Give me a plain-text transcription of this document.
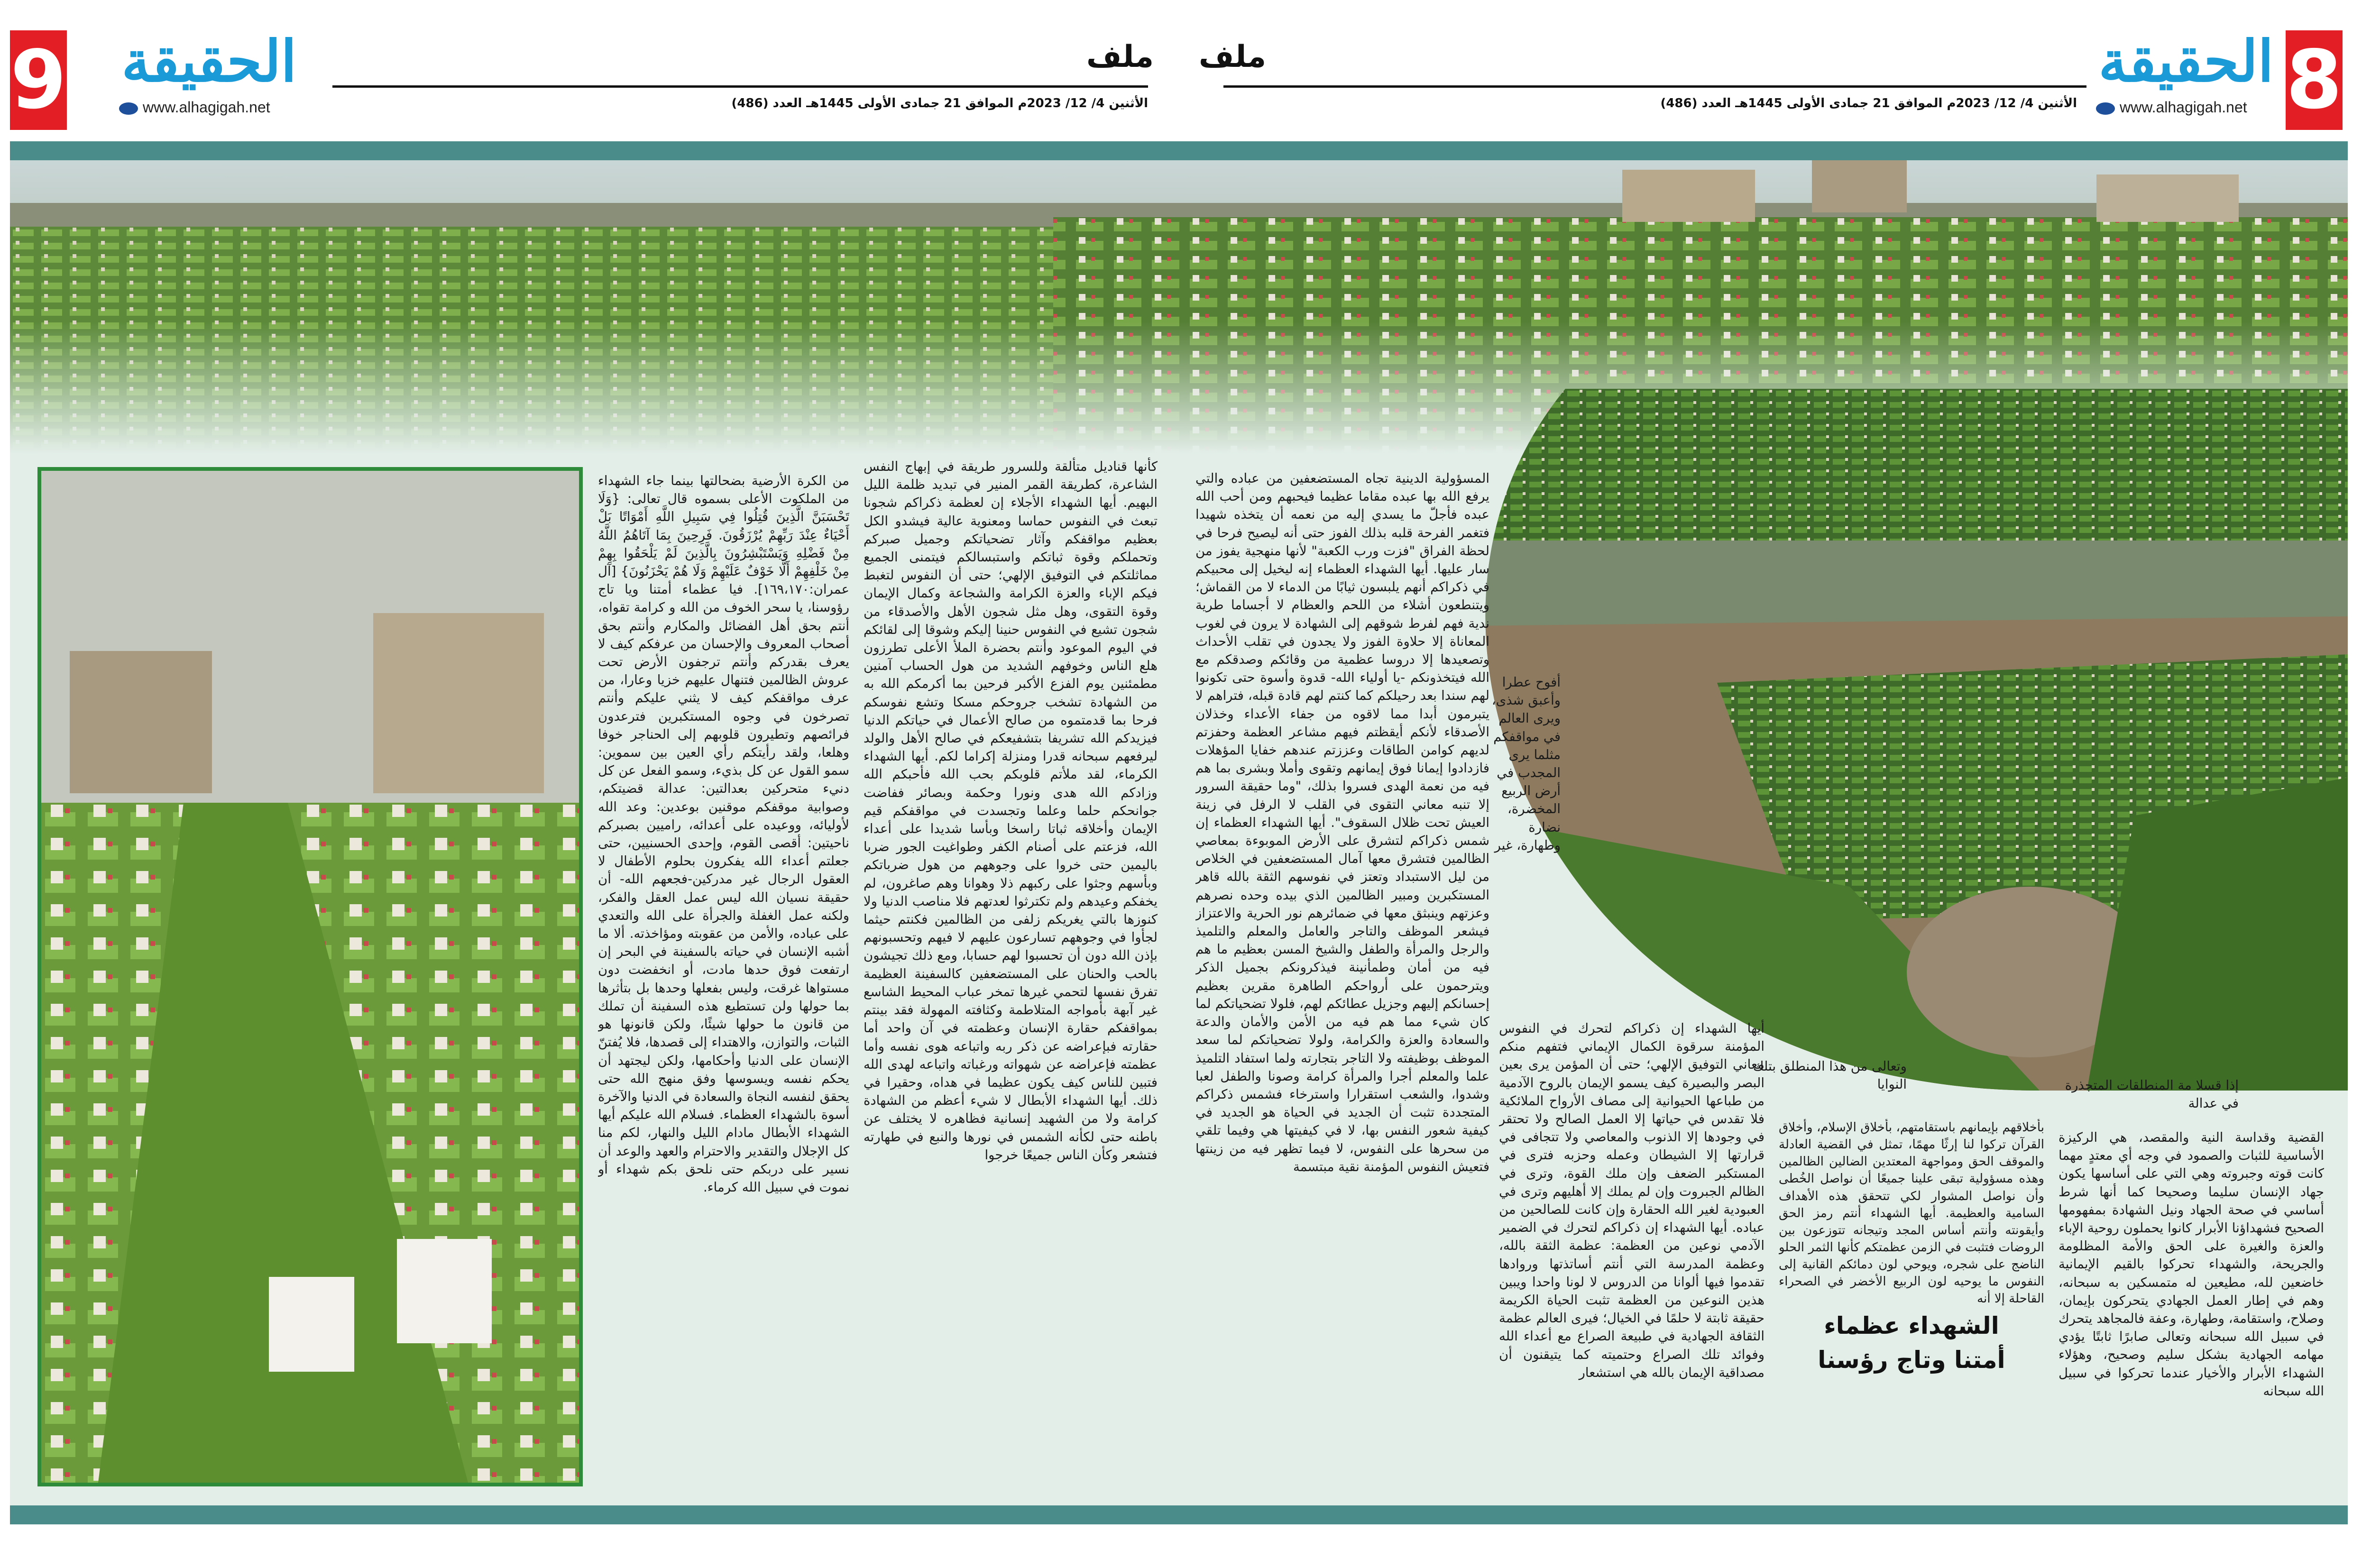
8
الحقيقة
www.alhagigah.net
ملف
الأثنين 4/ 12/ 2023م الموافق 21 جمادى الأولى 1445هـ العدد (486)
9 الحقيقة
www.alhagigah.net
ملف
الأثنين 4/ 12/ 2023م الموافق 21 جمادى الأولى 1445هـ العدد (486)

المسؤولية الدينية تجاه المستضعفين من عباده والتي يرفع الله بها عبده مقاما عظيما فيحبهم ومن أحب الله عبده فأجلّ ما يسدي إليه من نعمه أن يتخذه شهيدا فتغمر الفرحة قلبه بذلك الفوز حتى أنه ليصيح فرحا في لحظة الفراق "فزت ورب الكعبة" لأنها منهجية يفوز من سار عليها. أيها الشهداء العظماء إنه ليخيل إلى محبيكم في ذكراكم أنهم يلبسون ثيابًا من الدماء لا من القماش؛ ويتنطعون أشلاء من اللحم والعظام لا أجساما طرية ندية فهم لفرط شوقهم إلى الشهادة لا يرون في لغوب المعاناة إلا حلاوة الفوز ولا يجدون في تقلب الأحداث وتصعيدها إلا دروسا عظمية من وقائكم وصدقكم مع الله فيتخذونكم -يا أولياء الله- قدوة وأسوة حتى تكونوا لهم سندا بعد رحيلكم كما كنتم لهم قادة قبله، فتراهم لا يتبرمون أبدا مما لاقوه من جفاء الأعداء وخذلان الأصدقاء لأنكم أيقظتم فيهم مشاعر العظمة وحفزتم لديهم كوامن الطاقات وعززتم عندهم خفايا المؤهلات فازدادوا إيمانا فوق إيمانهم وتقوى وأملا وبشرى بما هم فيه من نعمة الهدى فسروا بذلك، "وما حقيقة السرور إلا تنبه معاني التقوى في القلب لا الرفل في زينة العيش تحت ظلال السقوف". أيها الشهداء العظماء إن شمس ذكراكم لتشرق على الأرض الموبوءة بمعاصي الظالمين فتشرق معها آمال المستضعفين في الخلاص من ليل الاستبداد وتعتز في نفوسهم الثقة بالله قاهر المستكبرين ومبير الظالمين الذي بيده وحده نصرهم وعزتهم وينبثق معها في ضمائرهم نور الحرية والاعتزاز فيشعر الموظف والتاجر والعامل والمعلم والتلميذ والرجل والمرأة والطفل والشيخ المسن بعظيم ما هم فيه من أمان وطمأنينة فيذكرونكم بجميل الذكر ويترحمون على أرواحكم الطاهرة مقرين بعظيم إحسانكم إليهم وجزيل عطائكم لهم، فلولا تضحياتكم لما كان شيء مما هم فيه من الأمن والأمان والدعة والسعادة والعزة والكرامة، ولولا تضحياتكم لما سعد الموظف بوظيفته ولا التاجر بتجارته ولما استفاد التلميذ علما والمعلم أجرا والمرأة كرامة وصونا والطفل لعبا وشدوا، والشعب استقرارا واسترخاء فشمس ذكراكم المتجددة تثبت أن الجديد في الحياة هو الجديد في كيفية شعور النفس بها، لا في كيفيتها هي وفيما تلقي من سحرها على النفوس، لا فيما تظهر فيه من زينتها فتعيش النفوس المؤمنة نقية مبتسمة

أفوح عطرا وأعبق شذى، ويرى العالم في مواقفكم مثلما يرى المجدب في أرض الربيع المخضرة، نضارة وطهارة، غير

أيها الشهداء إن ذكراكم لتحرك في النفوس المؤمنة سرقوة الكمال الإيماني فتفهم منكم معاني التوفيق الإلهي؛ حتى أن المؤمن يرى بعين البصر والبصيرة كيف يسمو الإيمان بالروح الآدمية من طباعها الحيوانية إلى مصاف الأرواح الملائكية فلا تقدس في حياتها إلا العمل الصالح ولا تحتقر في وجودها إلا الذنوب والمعاصي ولا تتجافى في قرارتها إلا الشيطان وعمله وحزبه فترى في المستكبر الضعف وإن ملك القوة، وترى في الظالم الجبروت وإن لم يملك إلا أهليهم وترى في العبودية لغير الله الحقارة وإن كانت للصالحين من عباده. أيها الشهداء إن ذكراكم لتحرك في الضمير الآدمي نوعين من العظمة: عظمة الثقة بالله، وعظمة المدرسة التي أنتم أساتذتها وروادها تقدموا فيها ألوانا من الدروس لا لونا واحدا ويبين هذين النوعين من العظمة تثبت الحياة الكريمة حقيقة ثابتة لا حلمًا في الخيال؛ فيرى العالم عظمة الثقافة الجهادية في طبيعة الصراع مع أعداء الله وفوائد تلك الصراع وحتميته كما يتيقنون أن مصداقية الإيمان بالله هي استشعار

وتعالى من هذا المنطلق بتلك النوايا

بأخلاقهم بإيمانهم باستقامتهم، بأخلاق الإسلام، وأخلاق القرآن تركوا لنا إرثًا مهمًا، تمثل في القضية العادلة والموقف الحق ومواجهة المعتدين الضالين الظالمين وهذه مسؤولية تبقى علينا جميعًا أن نواصل الخُطى وأن نواصل المشوار لكي تتحقق هذه الأهداف السامية والعظيمة. أيها الشهداء أنتم رمز الحق وأيقونته وأنتم أساس المجد وتيجانه تتوزعون بين الروضات فتثبت في الزمن عظمتكم كأنها الثمر الحلو الناضج على شجره، ويوحي لون دمائكم القانية إلى النفوس ما يوحيه لون الربيع الأخضر في الصحراء القاحلة إلا أنه

الشهداء عظماء
أمتنا وتاج رؤسنا

إذا قسلا مة المنطلقات المتجذرة في عدالة

القضية وقداسة النية والمقصد، هي الركيزة الأساسية للثبات والصمود في وجه أي معتدٍ مهما كانت قوته وجبروته وهي التي على أساسها يكون جهاد الإنسان سليما وصحيحا كما أنها شرط أساسي في صحة الجهاد ونيل الشهادة بمفهومها الصحيح فشهداؤنا الأبرار كانوا يحملون روحية الإباء والعزة والغيرة على الحق والأمة المظلومة والجريحة، والشهداء تحركوا بالقيم الإيمانية خاضعين لله، مطيعين له متمسكين به سبحانه، وهم في إطار العمل الجهادي يتحركون بإيمان، وصلاح، واستقامة، وطهارة، وعفة فالمجاهد يتحرك في سبيل الله سبحانه وتعالى صابرًا ثابتًا يؤدي مهامه الجهادية بشكل سليم وصحيح، وهؤلاء الشهداء الأبرار والأخيار عندما تحركوا في سبيل الله سبحانه

كأنها قناديل متألقة وللسرور طريقة في إبهاج النفس الشاعرة، كطريقة القمر المنير في تبديد ظلمة الليل البهيم. أيها الشهداء الأجلاء إن لعظمة ذكراكم شجونا تبعث في النفوس حماسا ومعنوية عالية فيشدو الكل بعظيم مواقفكم وآثار تضحياتكم وجميل صبركم وتحملكم وقوة ثباتكم واستبسالكم فيتمنى الجميع مماثلتكم في التوفيق الإلهي؛ حتى أن النفوس لتغبط فيكم الإباء والعزة الكرامة والشجاعة وكمال الإيمان وقوة التقوى، وهل مثل شجون الأهل والأصدقاء من شجون تشيع في النفوس حنينا إليكم وشوقا إلى لقائكم في اليوم الموعود وأنتم بحضرة الملأ الأعلى تطرزون هلع الناس وخوفهم الشديد من هول الحساب آمنين مطمئنين يوم الفزع الأكبر فرحين بما أكرمكم الله به من الشهادة تشخب جروحكم مسكا وتشع نفوسكم فرحا بما قدمتموه من صالح الأعمال في حياتكم الدنيا فيزيدكم الله تشريفا بتشفيعكم في صالح الأهل والولد ليرفعهم سبحانه قدرا ومنزلة إكراما لكم. أيها الشهداء الكرماء، لقد ملأتم قلوبكم بحب الله فأحبكم الله وزادكم الله هدى ونورا وحكمة وبصائر ففاضت جوانحكم حلما وعلما وتجسدت في مواقفكم قيم الإيمان وأخلاقه ثباتا راسخا وبأسا شديدا على أعداء الله، فزعتم على أصنام الكفر وطواغيت الجور ضربا باليمين حتى خروا على وجوههم من هول ضرباتكم وبأسهم وجثوا على ركبهم ذلا وهوانا وهم صاغرون، لم يخفكم وعيدهم ولم تكترثوا لعدتهم فلا مناصب الدنيا ولا كنوزها بالتي يغريكم زلفى من الظالمين فكنتم حيثما لجأوا في وجوههم تسارعون عليهم لا فيهم وتحسبونهم بإذن الله دون أن تحسبوا لهم حسابا، ومع ذلك تجيشون بالحب والحنان على المستضعفين كالسفينة العظيمة تفرق نفسها لتحمي غيرها تمخر عباب المحيط الشاسع غير آبهة بأمواجه المتلاطمة وكثافته المهولة فقد بينتم بمواقفكم حقارة الإنسان وعظمته في آن واحد أما حقارته فبإعراضه عن ذكر ربه واتباعه هوى نفسه وأما عظمته فإعراضه عن شهواته ورغباته واتباعه لهدى الله فتبين للناس كيف يكون عظيما في هداه، وحقيرا في ذلك. أيها الشهداء الأبطال لا شيء أعظم من الشهادة كرامة ولا من الشهيد إنسانية فظاهره لا يختلف عن باطنه حتى لكأنه الشمس في نورها والنبع في طهارته فتشعر وكأن الناس جميعًا خرجوا

من الكرة الأرضية بضحالتها بينما جاء الشهداء من الملكوت الأعلى بسموه قال تعالى: {وَلَا تَحْسَبَنَّ الَّذِينَ قُتِلُوا فِي سَبِيلِ اللَّهِ أَمْوَاتًا بَلْ أَحْيَاءٌ عِنْدَ رَبِّهِمْ يُرْزَقُونَ. فَرِحِينَ بِمَا آتَاهُمُ اللَّهُ مِنْ فَضْلِهِ وَيَسْتَبْشِرُونَ بِالَّذِينَ لَمْ يَلْحَقُوا بِهِمْ مِنْ خَلْفِهِمْ أَلَّا خَوْفٌ عَلَيْهِمْ وَلَا هُمْ يَحْزَنُونَ} [آل عمران:١٦٩،١٧٠]. فيا عظماء أمتنا ويا تاج رؤوسنا، يا سحر الخوف من الله و كرامة تقواه، أنتم بحق أهل الفضائل والمكارم وأنتم بحق أصحاب المعروف والإحسان من عرفكم كيف لا يعرف بقدركم وأنتم ترجفون الأرض تحت عروش الظالمين فتنهال عليهم خزيا وعارا، من عرف مواقفكم كيف لا يثني عليكم وأنتم تصرخون في وجوه المستكبرين فترعدون فرائصهم وتطيرون قلوبهم إلى الحناجر خوفا وهلعا، ولقد رأيتكم رأي العين بين سموين: سمو القول عن كل بذيء، وسمو الفعل عن كل دنيء متحركين بعدالتين: عدالة قضيتكم، وصوابية موقفكم موقنين بوعدين: وعد الله لأوليائه، ووعيده على أعدائه، راميين بصبركم ناحيتين: أقصى القوم، وإحدى الحسنيين، حتى جعلتم أعداء الله يفكرون بحلوم الأطفال لا العقول الرجال غير مدركين-فجعهم الله- أن حقيقة نسيان الله ليس عمل العقل والفكر، ولكنه عمل الغفلة والجرأة على الله والتعدي على عباده، والأمن من عقوبته ومؤاخذته. ألا ما أشبه الإنسان في حياته بالسفينة في البحر إن ارتفعت فوق حدها مادت، أو انخفضت دون مستواها غرقت، وليس بفعلها وحدها بل بتأثرها بما حولها ولن تستطيع هذه السفينة أن تملك من قانون ما حولها شيئًا، ولكن قانونها هو الثبات، والتوازن، والاهتداء إلى قصدها، فلا يُفتنّ الإنسان على الدنيا وأحكامها، ولكن ليجتهد أن يحكم نفسه ويسوسها وفق منهج الله حتى يحقق لنفسه النجاة والسعادة في الدنيا والآخرة أسوة بالشهداء العظماء. فسلام الله عليكم أيها الشهداء الأبطال مادام الليل والنهار، لكم منا كل الإجلال والتقدير والاحترام والعهد والوعد أن نسير على دربكم حتى نلحق بكم شهداء أو نموت في سبيل الله كرماء.
